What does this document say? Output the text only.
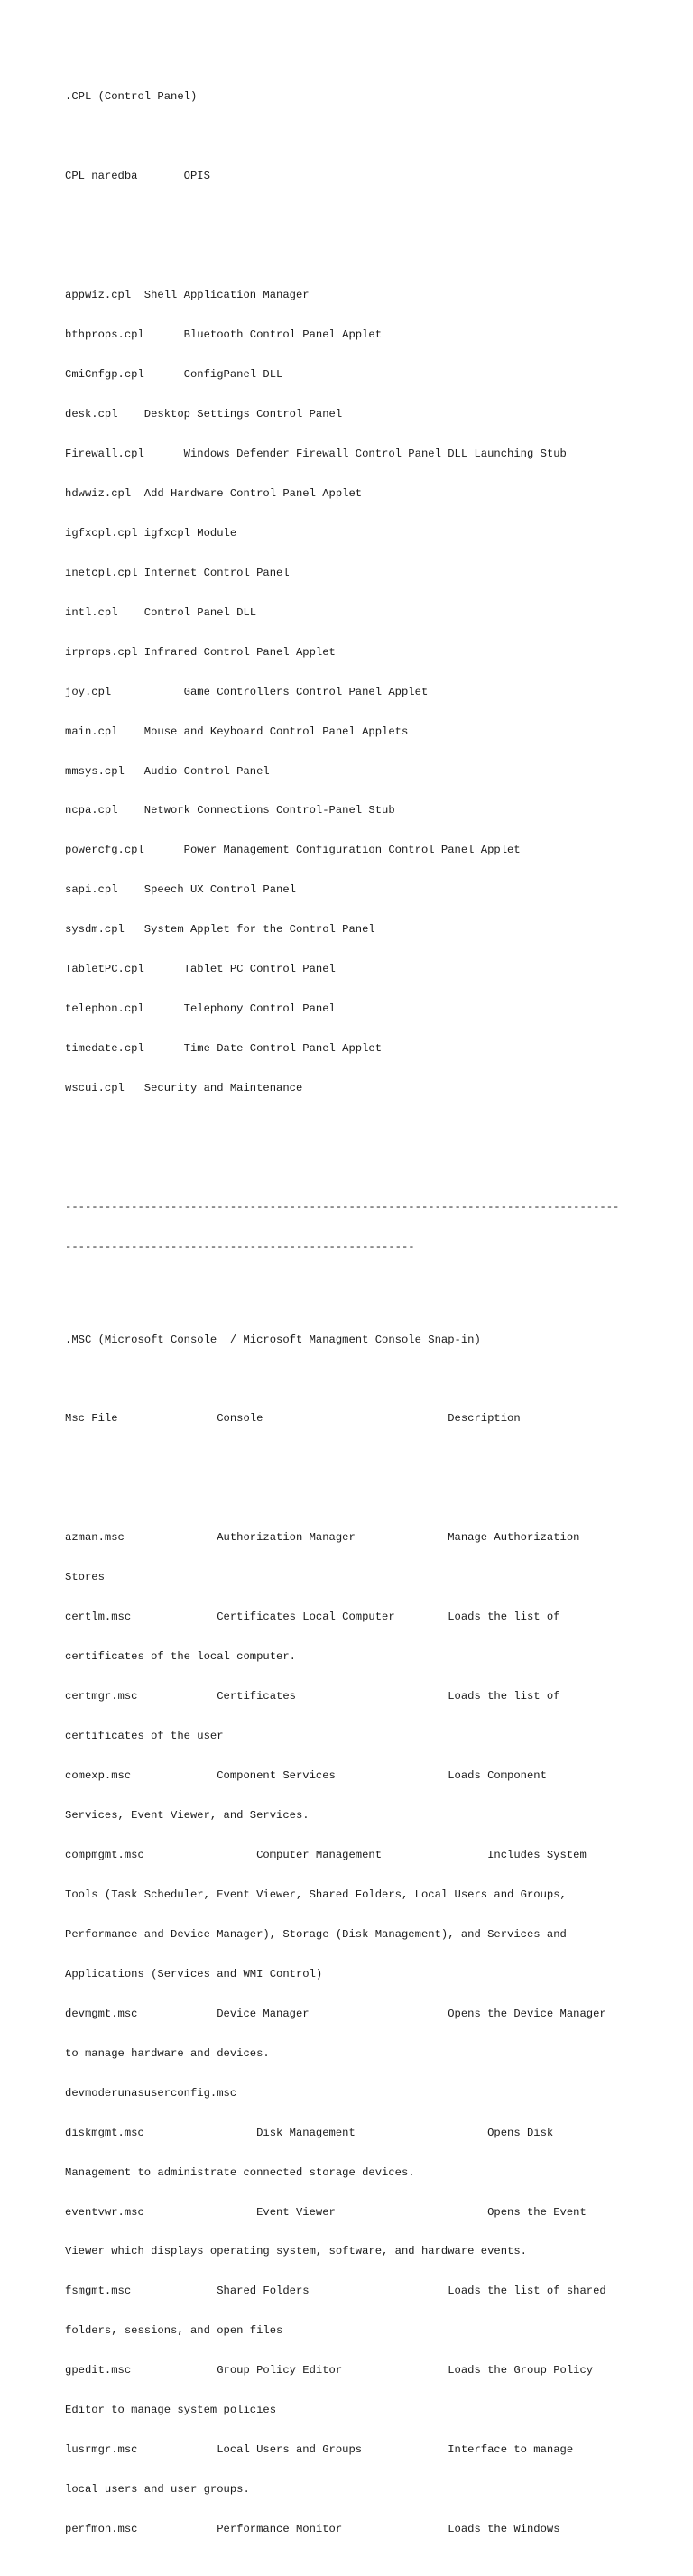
.CPL (Control Panel)

CPL naredba       OPIS

appwiz.cpl  Shell Application Manager

bthprops.cpl      Bluetooth Control Panel Applet

CmiCnfgp.cpl      ConfigPanel DLL

desk.cpl    Desktop Settings Control Panel

Firewall.cpl      Windows Defender Firewall Control Panel DLL Launching Stub

hdwwiz.cpl  Add Hardware Control Panel Applet

igfxcpl.cpl igfxcpl Module

inetcpl.cpl Internet Control Panel

intl.cpl    Control Panel DLL

irprops.cpl Infrared Control Panel Applet

joy.cpl           Game Controllers Control Panel Applet

main.cpl    Mouse and Keyboard Control Panel Applets

mmsys.cpl   Audio Control Panel

ncpa.cpl    Network Connections Control-Panel Stub

powercfg.cpl      Power Management Configuration Control Panel Applet

sapi.cpl    Speech UX Control Panel

sysdm.cpl   System Applet for the Control Panel

TabletPC.cpl      Tablet PC Control Panel

telephon.cpl      Telephony Control Panel

timedate.cpl      Time Date Control Panel Applet

wscui.cpl   Security and Maintenance

------------------------------------------------------------------------------------

-----------------------------------------------------

.MSC (Microsoft Console  / Microsoft Managment Console Snap-in)

Msc File               Console                            Description

azman.msc              Authorization Manager              Manage Authorization

Stores

certlm.msc             Certificates Local Computer        Loads the list of

certificates of the local computer.

certmgr.msc            Certificates                       Loads the list of

certificates of the user

comexp.msc             Component Services                 Loads Component

Services, Event Viewer, and Services.

compmgmt.msc                 Computer Management                Includes System

Tools (Task Scheduler, Event Viewer, Shared Folders, Local Users and Groups,

Performance and Device Manager), Storage (Disk Management), and Services and

Applications (Services and WMI Control)

devmgmt.msc            Device Manager                     Opens the Device Manager

to manage hardware and devices.

devmoderunasuserconfig.msc

diskmgmt.msc                 Disk Management                    Opens Disk

Management to administrate connected storage devices.

eventvwr.msc                 Event Viewer                       Opens the Event

Viewer which displays operating system, software, and hardware events.

fsmgmt.msc             Shared Folders                     Loads the list of shared

folders, sessions, and open files

gpedit.msc             Group Policy Editor                Loads the Group Policy

Editor to manage system policies

lusrmgr.msc            Local Users and Groups             Interface to manage

local users and user groups.

perfmon.msc            Performance Monitor                Loads the Windows
